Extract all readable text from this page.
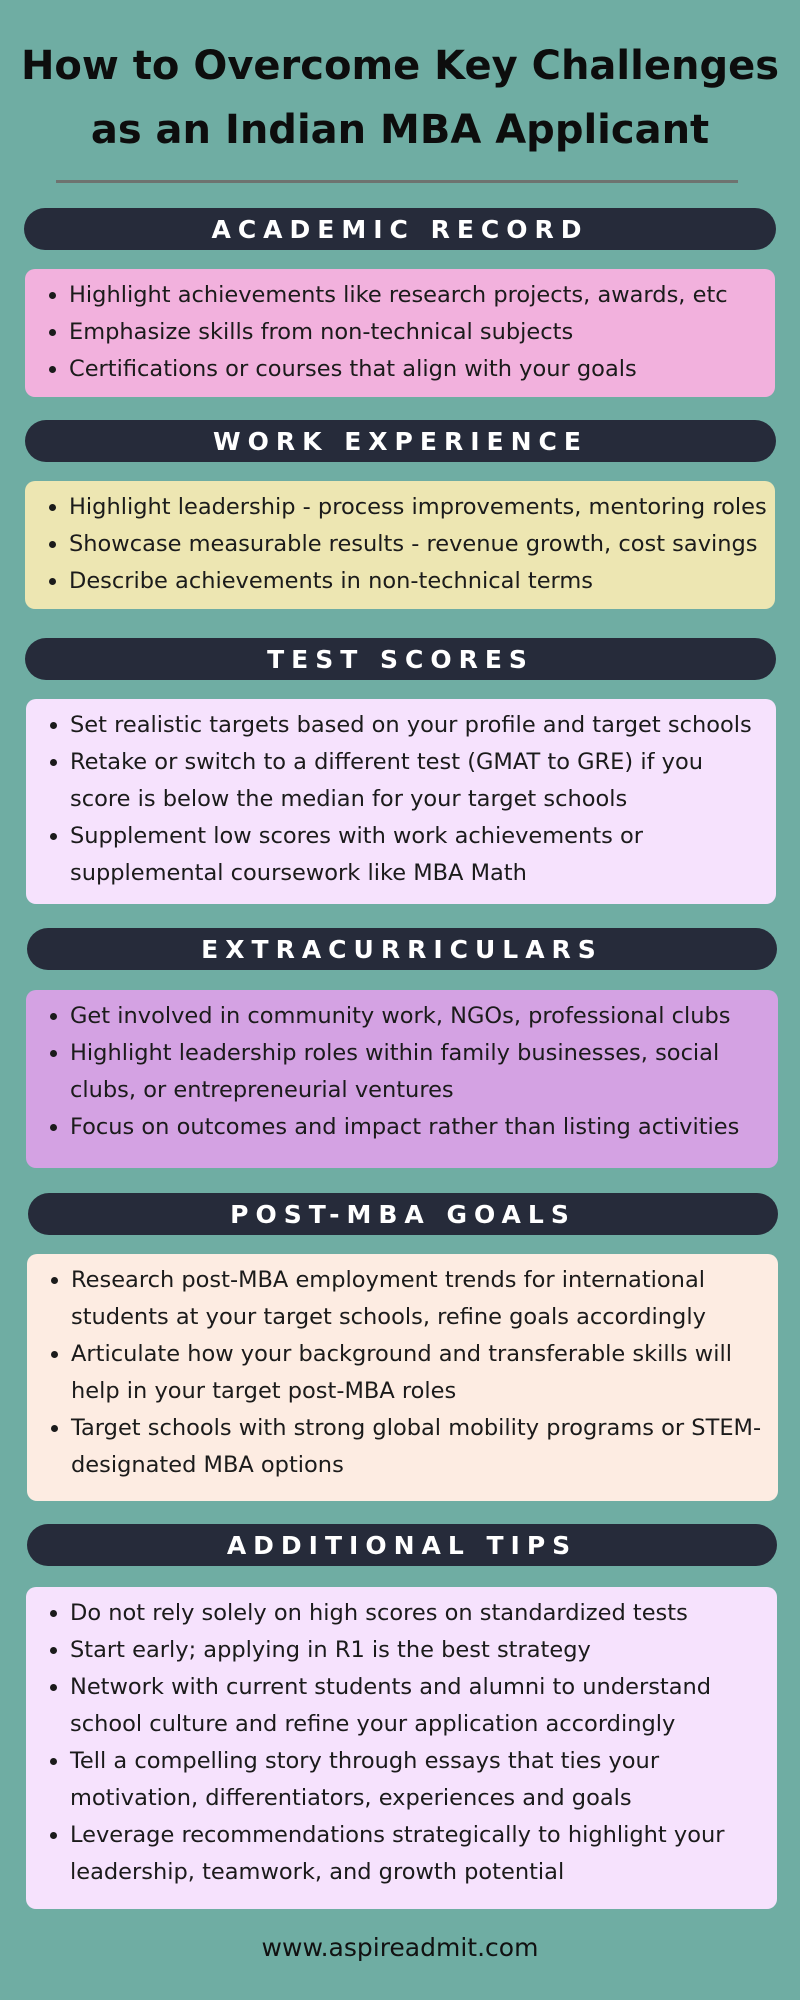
How to Overcome Key Challenges
as an Indian MBA Applicant
ACADEMIC RECORD
• Highlight achievements like research projects, awards, etc
• Emphasize skills from non-technical subjects
• Certifications or courses that align with your goals
WORK EXPERIENCE
• Highlight leadership - process improvements, mentoring roles
• Showcase measurable results - revenue growth, cost savings
• Describe achievements in non-technical terms
TEST SCORES
• Set realistic targets based on your profile and target schools
• Retake or switch to a different test (GMAT to GRE) if you score is below the median for your target schools
• Supplement low scores with work achievements or supplemental coursework like MBA Math
EXTRACURRICULARS
• Get involved in community work, NGOs, professional clubs
• Highlight leadership roles within family businesses, social clubs, or entrepreneurial ventures
• Focus on outcomes and impact rather than listing activities
POST-MBA GOALS
• Research post-MBA employment trends for international students at your target schools, refine goals accordingly
• Articulate how your background and transferable skills will help in your target post-MBA roles
• Target schools with strong global mobility programs or STEM-designated MBA options
ADDITIONAL TIPS
• Do not rely solely on high scores on standardized tests
• Start early; applying in R1 is the best strategy
• Network with current students and alumni to understand school culture and refine your application accordingly
• Tell a compelling story through essays that ties your motivation, differentiators, experiences and goals
• Leverage recommendations strategically to highlight your leadership, teamwork, and growth potential
www.aspireadmit.com
